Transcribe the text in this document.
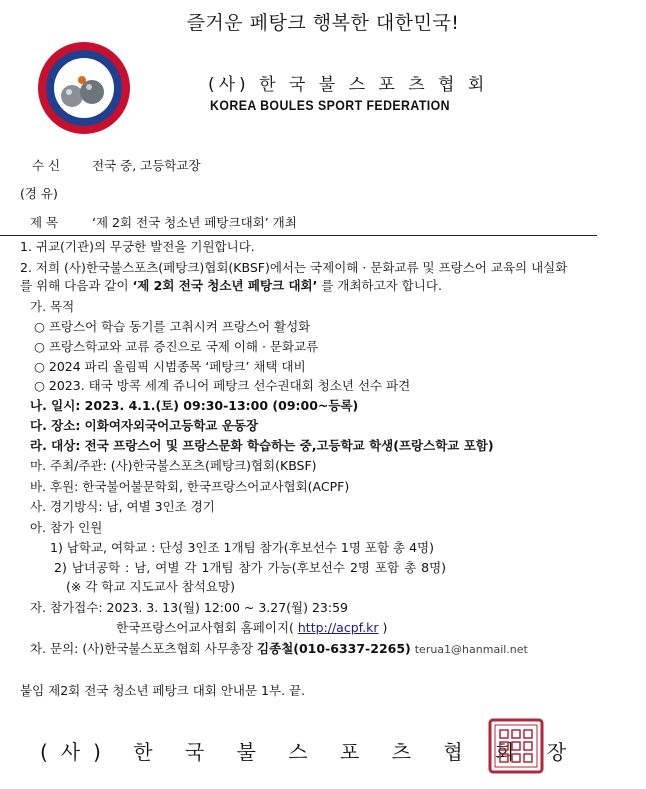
즐거운 페탕크 행복한 대한민국!
(사) 한 국 불 스 포 츠 협 회
KOREA BOULES SPORT FEDERATION
수 신	전국 중, 고등학교장
(경 유)
제 목	‘제 2회 전국 청소년 페탕크대회’ 개최
1. 귀교(기관)의 무궁한 발전을 기원합니다.
2. 저희 (사)한국불스포츠(페탕크)협회(KBSF)에서는 국제이해 · 문화교류 및 프랑스어 교육의 내실화
를 위해 다음과 같이 ‘제 2회 전국 청소년 페탕크 대회’ 를 개최하고자 합니다.
가. 목적
○ 프랑스어 학습 동기를 고취시켜 프랑스어 활성화
○ 프랑스학교와 교류 증진으로 국제 이해 · 문화교류
○ 2024 파리 올림픽 시범종목 ‘페탕크’ 채택 대비
○ 2023. 태국 방콕 세계 쥬니어 페탕크 선수권대회 청소년 선수 파견
나. 일시: 2023. 4.1.(토) 09:30-13:00 (09:00~등록)
다. 장소: 이화여자외국어고등학교 운동장
라. 대상: 전국 프랑스어 및 프랑스문화 학습하는 중,고등학교 학생(프랑스학교 포함)
마. 주최/주관: (사)한국불스포츠(페탕크)협회(KBSF)
바. 후원: 한국불어불문학회, 한국프랑스어교사협회(ACPF)
사. 경기방식: 남, 여별 3인조 경기
아. 참가 인원
1) 남학교, 여학교 : 단성 3인조 1개팀 참가(후보선수 1명 포함 총 4명)
2) 남녀공학 : 남, 여별 각 1개팀 참가 가능(후보선수 2명 포함 총 8명)
(※ 각 학교 지도교사 참석요망)
자. 참가접수: 2023. 3. 13(월) 12:00 ~ 3.27(월) 23:59
한국프랑스어교사협회 홈페이지( http://acpf.kr )
차. 문의: (사)한국불스포츠협회 사무총장 김종철(010-6337-2265) terua1@hanmail.net
붙임 제2회 전국 청소년 페탕크 대회 안내문 1부. 끝.
(사) 한 국 불 스 포 츠 협 회 장
